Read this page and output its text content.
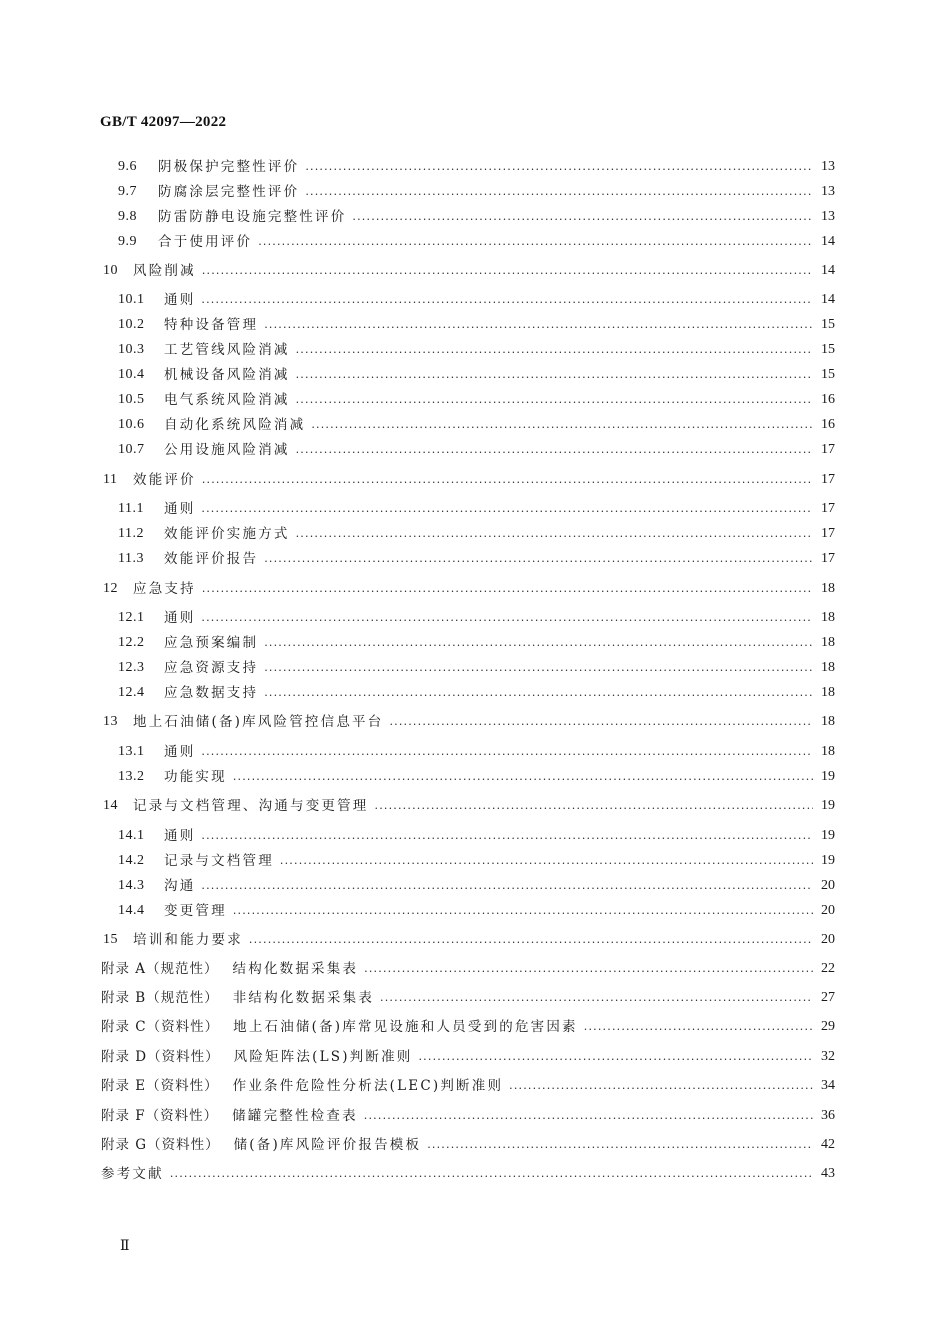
GB/T 42097—2022
9.6	阴极保护完整性评价 .....	13
9.7	防腐涂层完整性评价 .....	13
9.8	防雷防静电设施完整性评价 .....	13
9.9	合于使用评价 .....	14
10	风险削减 .....	14
10.1	通则 .....	14
10.2	特种设备管理 .....	15
10.3	工艺管线风险消减 .....	15
10.4	机械设备风险消减 .....	15
10.5	电气系统风险消减 .....	16
10.6	自动化系统风险消减 .....	16
10.7	公用设施风险消减 .....	17
11	效能评价 .....	17
11.1	通则 .....	17
11.2	效能评价实施方式 .....	17
11.3	效能评价报告 .....	17
12	应急支持 .....	18
12.1	通则 .....	18
12.2	应急预案编制 .....	18
12.3	应急资源支持 .....	18
12.4	应急数据支持 .....	18
13	地上石油储(备)库风险管控信息平台 .....	18
13.1	通则 .....	18
13.2	功能实现 .....	19
14	记录与文档管理、沟通与变更管理 .....	19
14.1	通则 .....	19
14.2	记录与文档管理 .....	19
14.3	沟通 .....	20
14.4	变更管理 .....	20
15	培训和能力要求 .....	20
附录 A（规范性） 结构化数据采集表 .....	22
附录 B（规范性） 非结构化数据采集表 .....	27
附录 C（资料性） 地上石油储(备)库常见设施和人员受到的危害因素 .....	29
附录 D（资料性） 风险矩阵法(LS)判断准则 .....	32
附录 E（资料性） 作业条件危险性分析法(LEC)判断准则 .....	34
附录 F（资料性） 储罐完整性检查表 .....	36
附录 G（资料性） 储(备)库风险评价报告模板 .....	42
参考文献 .....	43
Ⅱ
